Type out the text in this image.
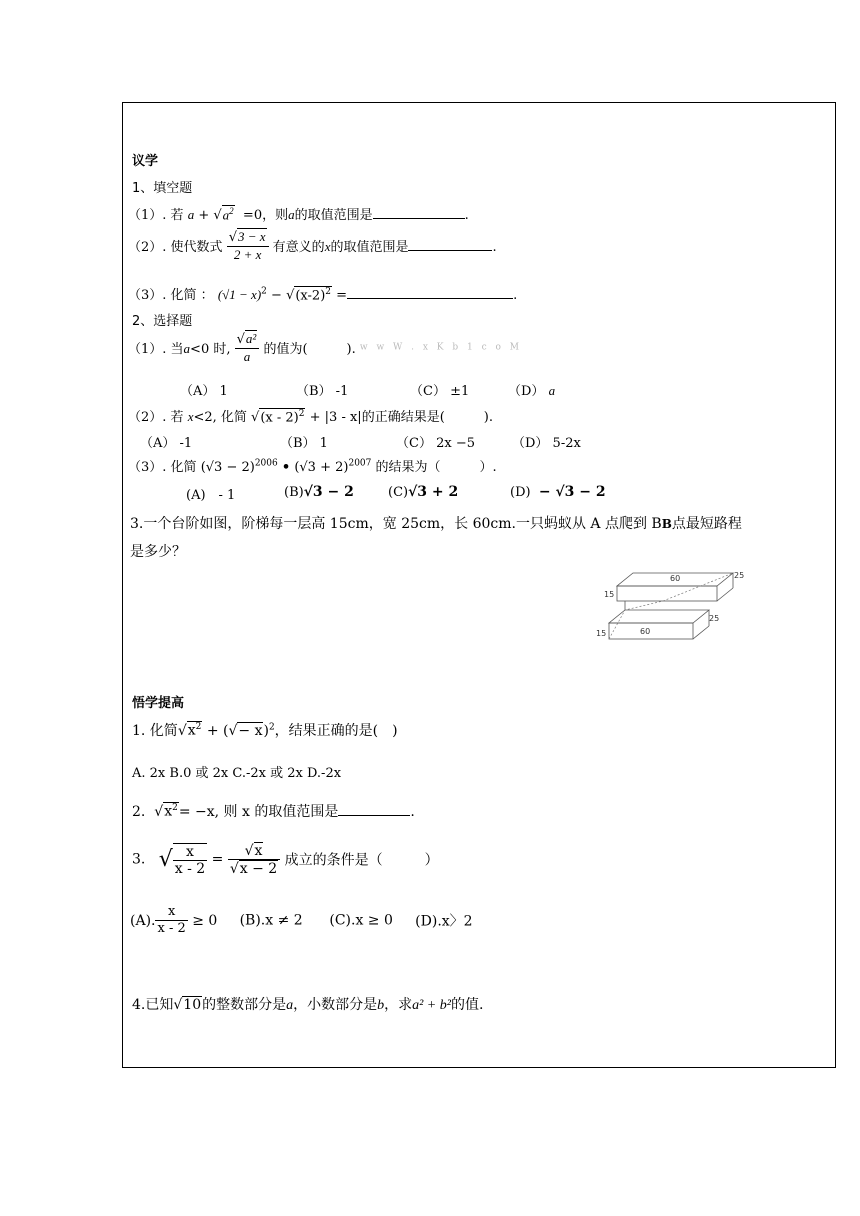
议学
1、填空题
（1）. 若 $a + √a^2 =0$，则a的取值范围是	.
（2）. 使代数式 $\frac{√3 - x}{2 + x}$ 有意义的x的取值范围是	.
（3）. 化简 ： $(√1 - x)^2 - √(x-2)^2$ =	.
2、选择题
（1）. 当a<0 时, $\frac{\text{√a²}}{a}$ 的值为(　　　). w w W . x K b 1 c o M
（A） 1	（B） -1	（C） ±1	（D） a
（2）. 若 x<2, 化简 √(x - 2)$^2$ + |3 - x|的正确结果是(　　　).
（A） -1	（B） 1	（C） 2x −5	（D） 5-2x
（3）. 化简 $(√3 - 2)^{2006}$ • $(√3 + 2)^{2007}$ 的结果为（　　　）.
(A)　- 1	(B)√3 − 2	(C)√3 + 2	(D) − √3 − 2
3.一个台阶如图，阶梯每一层高 15cm，宽 25cm，长 60cm.一只蚂蚁从 A 点爬到 BB点最短路程
是多少？
60	25
15
15	60
25
悟学提高
1. 化简$√x^2$ + (√− x)$^2$，结果正确的是(　)
A. 2x B.0 或 2x C.-2x 或 2x D.-2x
2. $√x^2= -x$, 则 x 的取值范围是	.
3. √ $\frac{x}{x - 2} = \frac{√x}{√x - 2}$ 成立的条件是（　　　）
(A). $\frac{x}{x - 2} \ge 0$ (B).x ≠ 2 (C).x ≥ 0 (D).x〉2
4.已知√10的整数部分是a，小数部分是b，求a² + b²的值.
